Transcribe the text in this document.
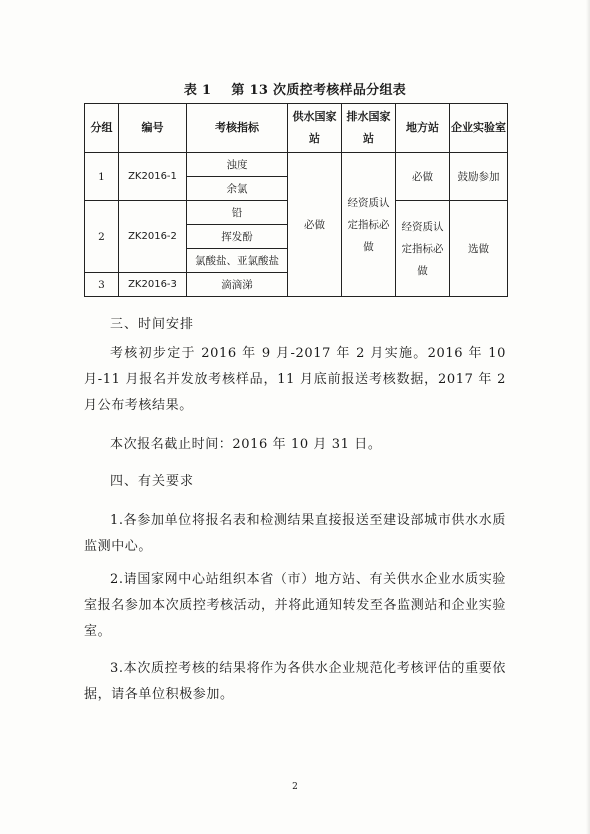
表 1 第 13 次质控考核样品分组表
分组	编号	考核指标	供水国家站	排水国家站	地方站	企业实验室
1	ZK2016-1	浊度	必做	经资质认定指标必做	必做	鼓励参加
		余氯				
2	ZK2016-2	铅			经资质认定指标必做	选做
		挥发酚				
		氯酸盐、亚氯酸盐				
3	ZK2016-3	滴滴涕				
三、时间安排
考核初步定于 2016 年 9 月-2017 年 2 月实施。2016 年 10 月-11 月报名并发放考核样品，11 月底前报送考核数据，2017 年 2 月公布考核结果。
本次报名截止时间：2016 年 10 月 31 日。
四、有关要求
1.各参加单位将报名表和检测结果直接报送至建设部城市供水水质监测中心。
2.请国家网中心站组织本省（市）地方站、有关供水企业水质实验室报名参加本次质控考核活动，并将此通知转发至各监测站和企业实验室。
3.本次质控考核的结果将作为各供水企业规范化考核评估的重要依据，请各单位积极参加。
2
